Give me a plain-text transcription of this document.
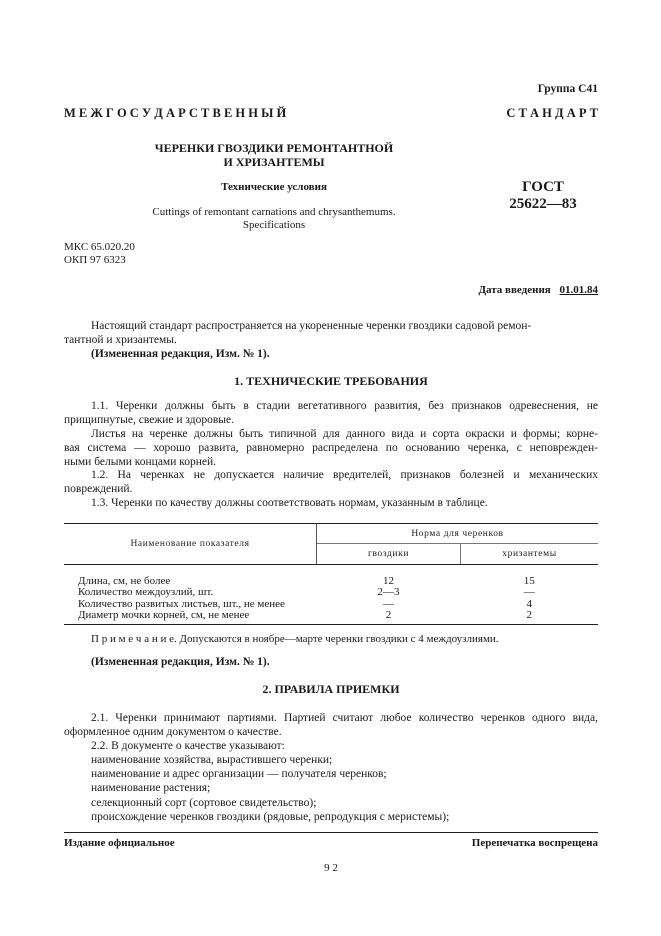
Группа С41
М Е Ж Г О С У Д А Р С Т В Е Н Н Ы Й	С Т А Н Д А Р Т
ЧЕРЕНКИ ГВОЗДИКИ РЕМОНТАНТНОЙ
И ХРИЗАНТЕМЫ
Технические условия
Cuttings of remontant carnations and chrysanthemums.
Specifications
ГОСТ
25622—83
МКС 65.020.20
ОКП 97 6323
Дата введения 01.01.84
Настоящий стандарт распространяется на укорененные черенки гвоздики садовой ремон-
тантной и хризантемы.
(Измененная редакция, Изм. № 1).
1. ТЕХНИЧЕСКИЕ ТРЕБОВАНИЯ
1.1. Черенки должны быть в стадии вегетативного развития, без признаков одревеснения, не
прищипнутые, свежие и здоровые.
Листья на черенке должны быть типичной для данного вида и сорта окраски и формы; корне-
вая система — хорошо развита, равномерно распределена по основанию черенка, с неповрежден-
ными белыми концами корней.
1.2. На черенках не допускается наличие вредителей, признаков болезней и механических
повреждений.
1.3. Черенки по качеству должны соответствовать нормам, указанным в таблице.
Наименование показателя	Норма для черенков	
	гвоздики	хризантемы

Длина, см, не более	12	15
Количество междоузлий, шт.	2—3	—
Количество развитых листьев, шт., не менее	—	4
Диаметр мочки корней, см, не менее	2	2
П р и м е ч а н и е. Допускаются в ноябре—марте черенки гвоздики с 4 междоузлиями.
(Измененная редакция, Изм. № 1).
2. ПРАВИЛА ПРИЕМКИ
2.1. Черенки принимают партиями. Партией считают любое количество черенков одного вида,
оформленное одним документом о качестве.
2.2. В документе о качестве указывают:
наименование хозяйства, вырастившего черенки;
наименование и адрес организации — получателя черенков;
наименование растения;
селекционный сорт (сортовое свидетельство);
происхождение черенков гвоздики (рядовые, репродукция с меристемы);
Издание официальное	Перепечатка воспрещена
9 2
